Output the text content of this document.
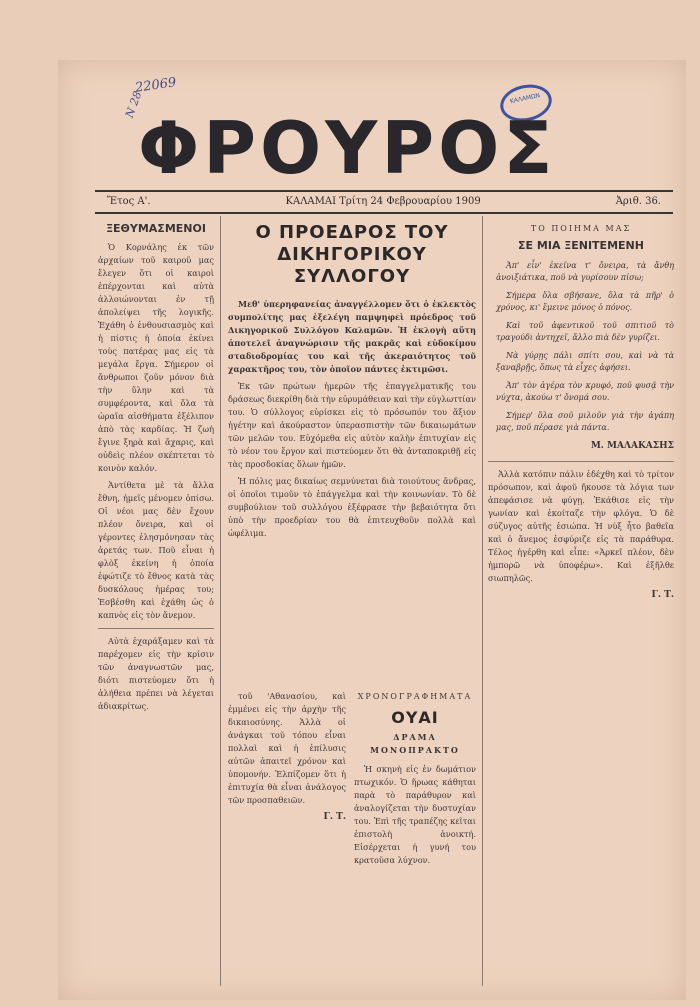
22069
Ν 28	ΚΑΛΑΜΩΝ
ΦΡΟΥΡΟΣ
Ἔτος Α'.	ΚΑΛΑΜΑΙ Τρίτη 24 Φεβρουαρίου 1909	Ἀριθ. 36.
ΞΕΘΥΜΑΣΜΕΝΟΙ

Ὁ Κορνάλης ἐκ τῶν ἀρχαίων τοῦ καιροῦ μας ἔλεγεν ὅτι οἱ καιροὶ ἐπέρχονται καὶ αὐτὰ ἀλλοιώνονται ἐν τῇ ἀπολείψει τῆς λογικῆς. Ἐχάθη ὁ ἐνθουσιασμὸς καὶ ἡ πίστις ἡ ὁποία ἐκίνει τοὺς πατέρας μας εἰς τὰ μεγάλα ἔργα. Σήμερον οἱ ἄνθρωποι ζοῦν μόνον διὰ τὴν ὕλην καὶ τὰ συμφέροντα, καὶ ὅλα τὰ ὡραῖα αἰσθήματα ἐξέλιπον ἀπὸ τὰς καρδίας. Ἡ ζωὴ ἔγινε ξηρὰ καὶ ἄχαρις, καὶ οὐδεὶς πλέον σκέπτεται τὸ κοινὸν καλόν.

Ἀντίθετα μὲ τὰ ἄλλα ἔθνη, ἡμεῖς μένομεν ὀπίσω. Οἱ νέοι μας δὲν ἔχουν πλέον ὄνειρα, καὶ οἱ γέροντες ἐλησμόνησαν τὰς ἀρετάς των. Ποῦ εἶναι ἡ φλὸξ ἐκείνη ἡ ὁποία ἐφώτιζε τὸ ἔθνος κατὰ τὰς δυσκόλους ἡμέρας του; Ἐσβέσθη καὶ ἐχάθη ὡς ὁ καπνὸς εἰς τὸν ἄνεμον.

Αὐτὰ ἐχαράξαμεν καὶ τὰ παρέχομεν εἰς τὴν κρίσιν τῶν ἀναγνωστῶν μας, διότι πιστεύομεν ὅτι ἡ ἀλήθεια πρέπει νὰ λέγεται ἀδιακρίτως.

Ο ΠΡΟΕΔΡΟΣ ΤΟΥ ΔΙΚΗΓΟΡΙΚΟΥ ΣΥΛΛΟΓΟΥ

Μεθ' ὑπερηφανείας ἀναγγέλλομεν ὅτι ὁ ἐκλεκτὸς συμπολίτης μας ἐξελέγη παμψηφεὶ πρόεδρος τοῦ Δικηγορικοῦ Συλλόγου Καλαμῶν. Ἡ ἐκλογὴ αὕτη ἀποτελεῖ ἀναγνώρισιν τῆς μακρᾶς καὶ εὐδοκίμου σταδιοδρομίας του καὶ τῆς ἀκεραιότητος τοῦ χαρακτῆρος του, τὸν ὁποῖον πάντες ἐκτιμῶσι.

Ἐκ τῶν πρώτων ἡμερῶν τῆς ἐπαγγελματικῆς του δράσεως διεκρίθη διὰ τὴν εὐρυμάθειαν καὶ τὴν εὐγλωττίαν του. Ὁ σύλλογος εὑρίσκει εἰς τὸ πρόσωπόν του ἄξιον ἡγέτην καὶ ἀκούραστον ὑπερασπιστὴν τῶν δικαιωμάτων τῶν μελῶν του. Εὐχόμεθα εἰς αὐτὸν καλὴν ἐπιτυχίαν εἰς τὸ νέον του ἔργον καὶ πιστεύομεν ὅτι θὰ ἀνταποκριθῇ εἰς τὰς προσδοκίας ὅλων ἡμῶν.

Ἡ πόλις μας δικαίως σεμνύνεται διὰ τοιούτους ἄνδρας, οἱ ὁποῖοι τιμοῦν τὸ ἐπάγγελμα καὶ τὴν κοινωνίαν. Τὸ δὲ συμβούλιον τοῦ συλλόγου ἐξέφρασε τὴν βεβαιότητα ὅτι ὑπὸ τὴν προεδρίαν του θὰ ἐπιτευχθοῦν πολλὰ καὶ ὠφέλιμα.

τοῦ 'Αθανασίου, καὶ ἐμμένει εἰς τὴν ἀρχὴν τῆς δικαιοσύνης. Ἀλλὰ οἱ ἀνάγκαι τοῦ τόπου εἶναι πολλαὶ καὶ ἡ ἐπίλυσις αὐτῶν ἀπαιτεῖ χρόνον καὶ ὑπομονήν. Ἐλπίζομεν ὅτι ἡ ἐπιτυχία θὰ εἶναι ἀνάλογος τῶν προσπαθειῶν.

Γ. Τ.
ΧΡΟΝΟΓΡΑΦΗΜΑΤΑ
ΟΥΑΙ
ΔΡΑΜΑ ΜΟΝΟΠΡΑΚΤΟ

Ἡ σκηνὴ εἰς ἐν δωμάτιον πτωχικόν. Ὁ ἥρωας κάθηται παρὰ τὸ παράθυρον καὶ ἀναλογίζεται τὴν δυστυχίαν του. Ἐπὶ τῆς τραπέζης κεῖται ἐπιστολὴ ἀνοικτή. Εἰσέρχεται ἡ γυνή του κρατοῦσα λύχνον.

ΤΟ ΠΟΙΗΜΑ ΜΑΣ
ΣΕ ΜΙΑ ΞΕΝΙΤΕΜΕΝΗ

Ἀπ' εἶν' ἐκεῖνα τ' ὄνειρα, τὰ ἄνθη ἀνοιξιάτικα, ποῦ νὰ γυρίσουν πίσω;

Σήμερα ὅλα σβήσανε, ὅλα τὰ πῆρ' ὁ χρόνος, κι' ἔμεινε μόνος ὁ πόνος.

Καὶ τοῦ ἀφεντικοῦ τοῦ σπιτιοῦ τὸ τραγούδι ἀντηχεῖ, ἄλλο πιὰ δὲν γυρίζει.

Νὰ γύρῃς πάλι σπίτι σου, καὶ νὰ τὰ ξαναβρῇς, ὅπως τὰ εἶχες ἀφήσει.

Ἀπ' τὸν ἀγέρα τὸν κρυφό, ποῦ φυσᾷ τὴν νύχτα, ἀκούω τ' ὄνομά σου.

Σήμερ' ὅλα σοῦ μιλοῦν γιὰ τὴν ἀγάπη μας, ποῦ πέρασε γιὰ πάντα.

Μ. ΜΑΛΑΚΑΣΗΣ

Ἀλλὰ κατόπιν πάλιν ἐδέχθη καὶ τὸ τρίτον πρόσωπον, καὶ ἀφοῦ ἤκουσε τὰ λόγια των ἀπεφάσισε νὰ φύγῃ. Ἐκάθισε εἰς τὴν γωνίαν καὶ ἐκοίταζε τὴν φλόγα. Ὁ δὲ σύζυγος αὐτῆς ἐσιώπα. Ἡ νὺξ ἦτο βαθεῖα καὶ ὁ ἄνεμος ἐσφύριζε εἰς τὰ παράθυρα. Τέλος ἠγέρθη καὶ εἶπε: «Ἀρκεῖ πλέον, δὲν ἠμπορῶ νὰ ὑποφέρω». Καὶ ἐξῆλθε σιωπηλῶς.

Γ. Τ.
